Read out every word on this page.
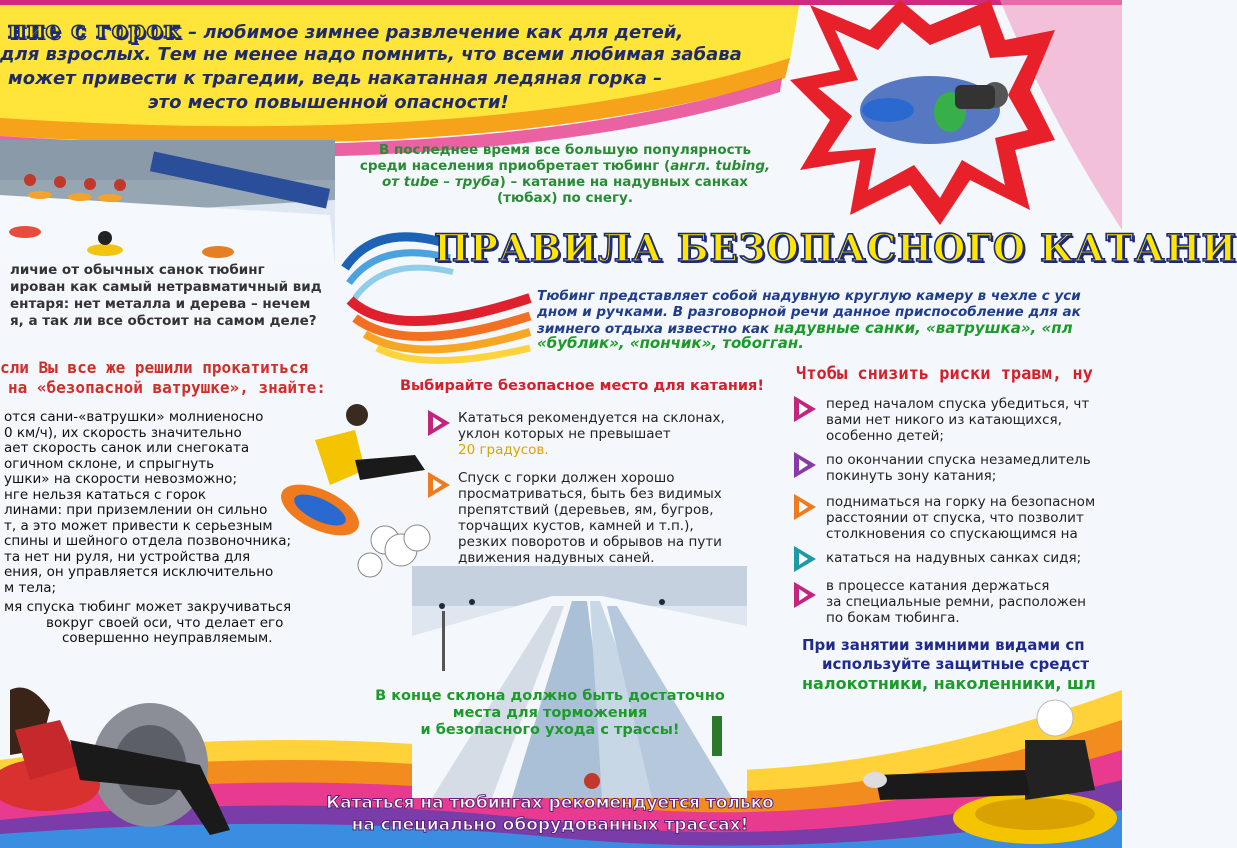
ние с горок – любимое зимнее развлечение как для детей,
для взрослых. Тем не менее надо помнить, что всеми любимая забава
может привести к трагедии, ведь накатанная ледяная горка –
это место повышенной опасности!
В последнее время все большую популярность
среди населения приобретает тюбинг (англ. tubing,
от tube – труба) – катание на надувных санках
(тюбах) по снегу.
ПРАВИЛА БЕЗОПАСНОГО КАТАНИ
Тюбинг представляет собой надувную круглую камеру в чехле с уси
дном и ручками. В разговорной речи данное приспособление для ак
зимнего отдыха известно как надувные санки, «ватрушка», «пл
«бублик», «пончик», тобогган.
личие от обычных санок тюбинг
ирован как самый нетравматичный вид
ентаря: нет металла и дерева – нечем
я, а так ли все обстоит на самом деле?
сли Вы все же решили прокатиться
на «безопасной ватрушке», знайте:
отся сани-«ватрушки» молниеносно
0 км/ч), их скорость значительно
ает скорость санок или снегоката
огичном склоне, и спрыгнуть
ушки» на скорости невозможно;
нге нельзя кататься с горок
линами: при приземлении он сильно
т, а это может привести к серьезным
спины и шейного отдела позвоночника;
та нет ни руля, ни устройства для
ения, он управляется исключительно
м тела;
мя спуска тюбинг может закручиваться
вокруг своей оси, что делает его
совершенно неуправляемым.
Выбирайте безопасное место для катания!
Кататься рекомендуется на склонах,
уклон которых не превышает
20 градусов.
Спуск с горки должен хорошо
просматриваться, быть без видимых
препятствий (деревьев, ям, бугров,
торчащих кустов, камней и т.п.),
резких поворотов и обрывов на пути
движения надувных саней.
В конце склона должно быть достаточно
места для торможения
и безопасного ухода с трассы!
Чтобы снизить риски травм, ну
перед началом спуска убедиться, чт
вами нет никого из катающихся,
особенно детей;
по окончании спуска незамедлитель
покинуть зону катания;
подниматься на горку на безопасном
расстоянии от спуска, что позволит
столкновения со спускающимся на
кататься на надувных санках сидя;
в процессе катания держаться
за специальные ремни, расположен
по бокам тюбинга.
При занятии зимними видами сп
используйте защитные средст
налокотники, наколенники, шл
Кататься на тюбингах рекомендуется только
на специально оборудованных трассах!
